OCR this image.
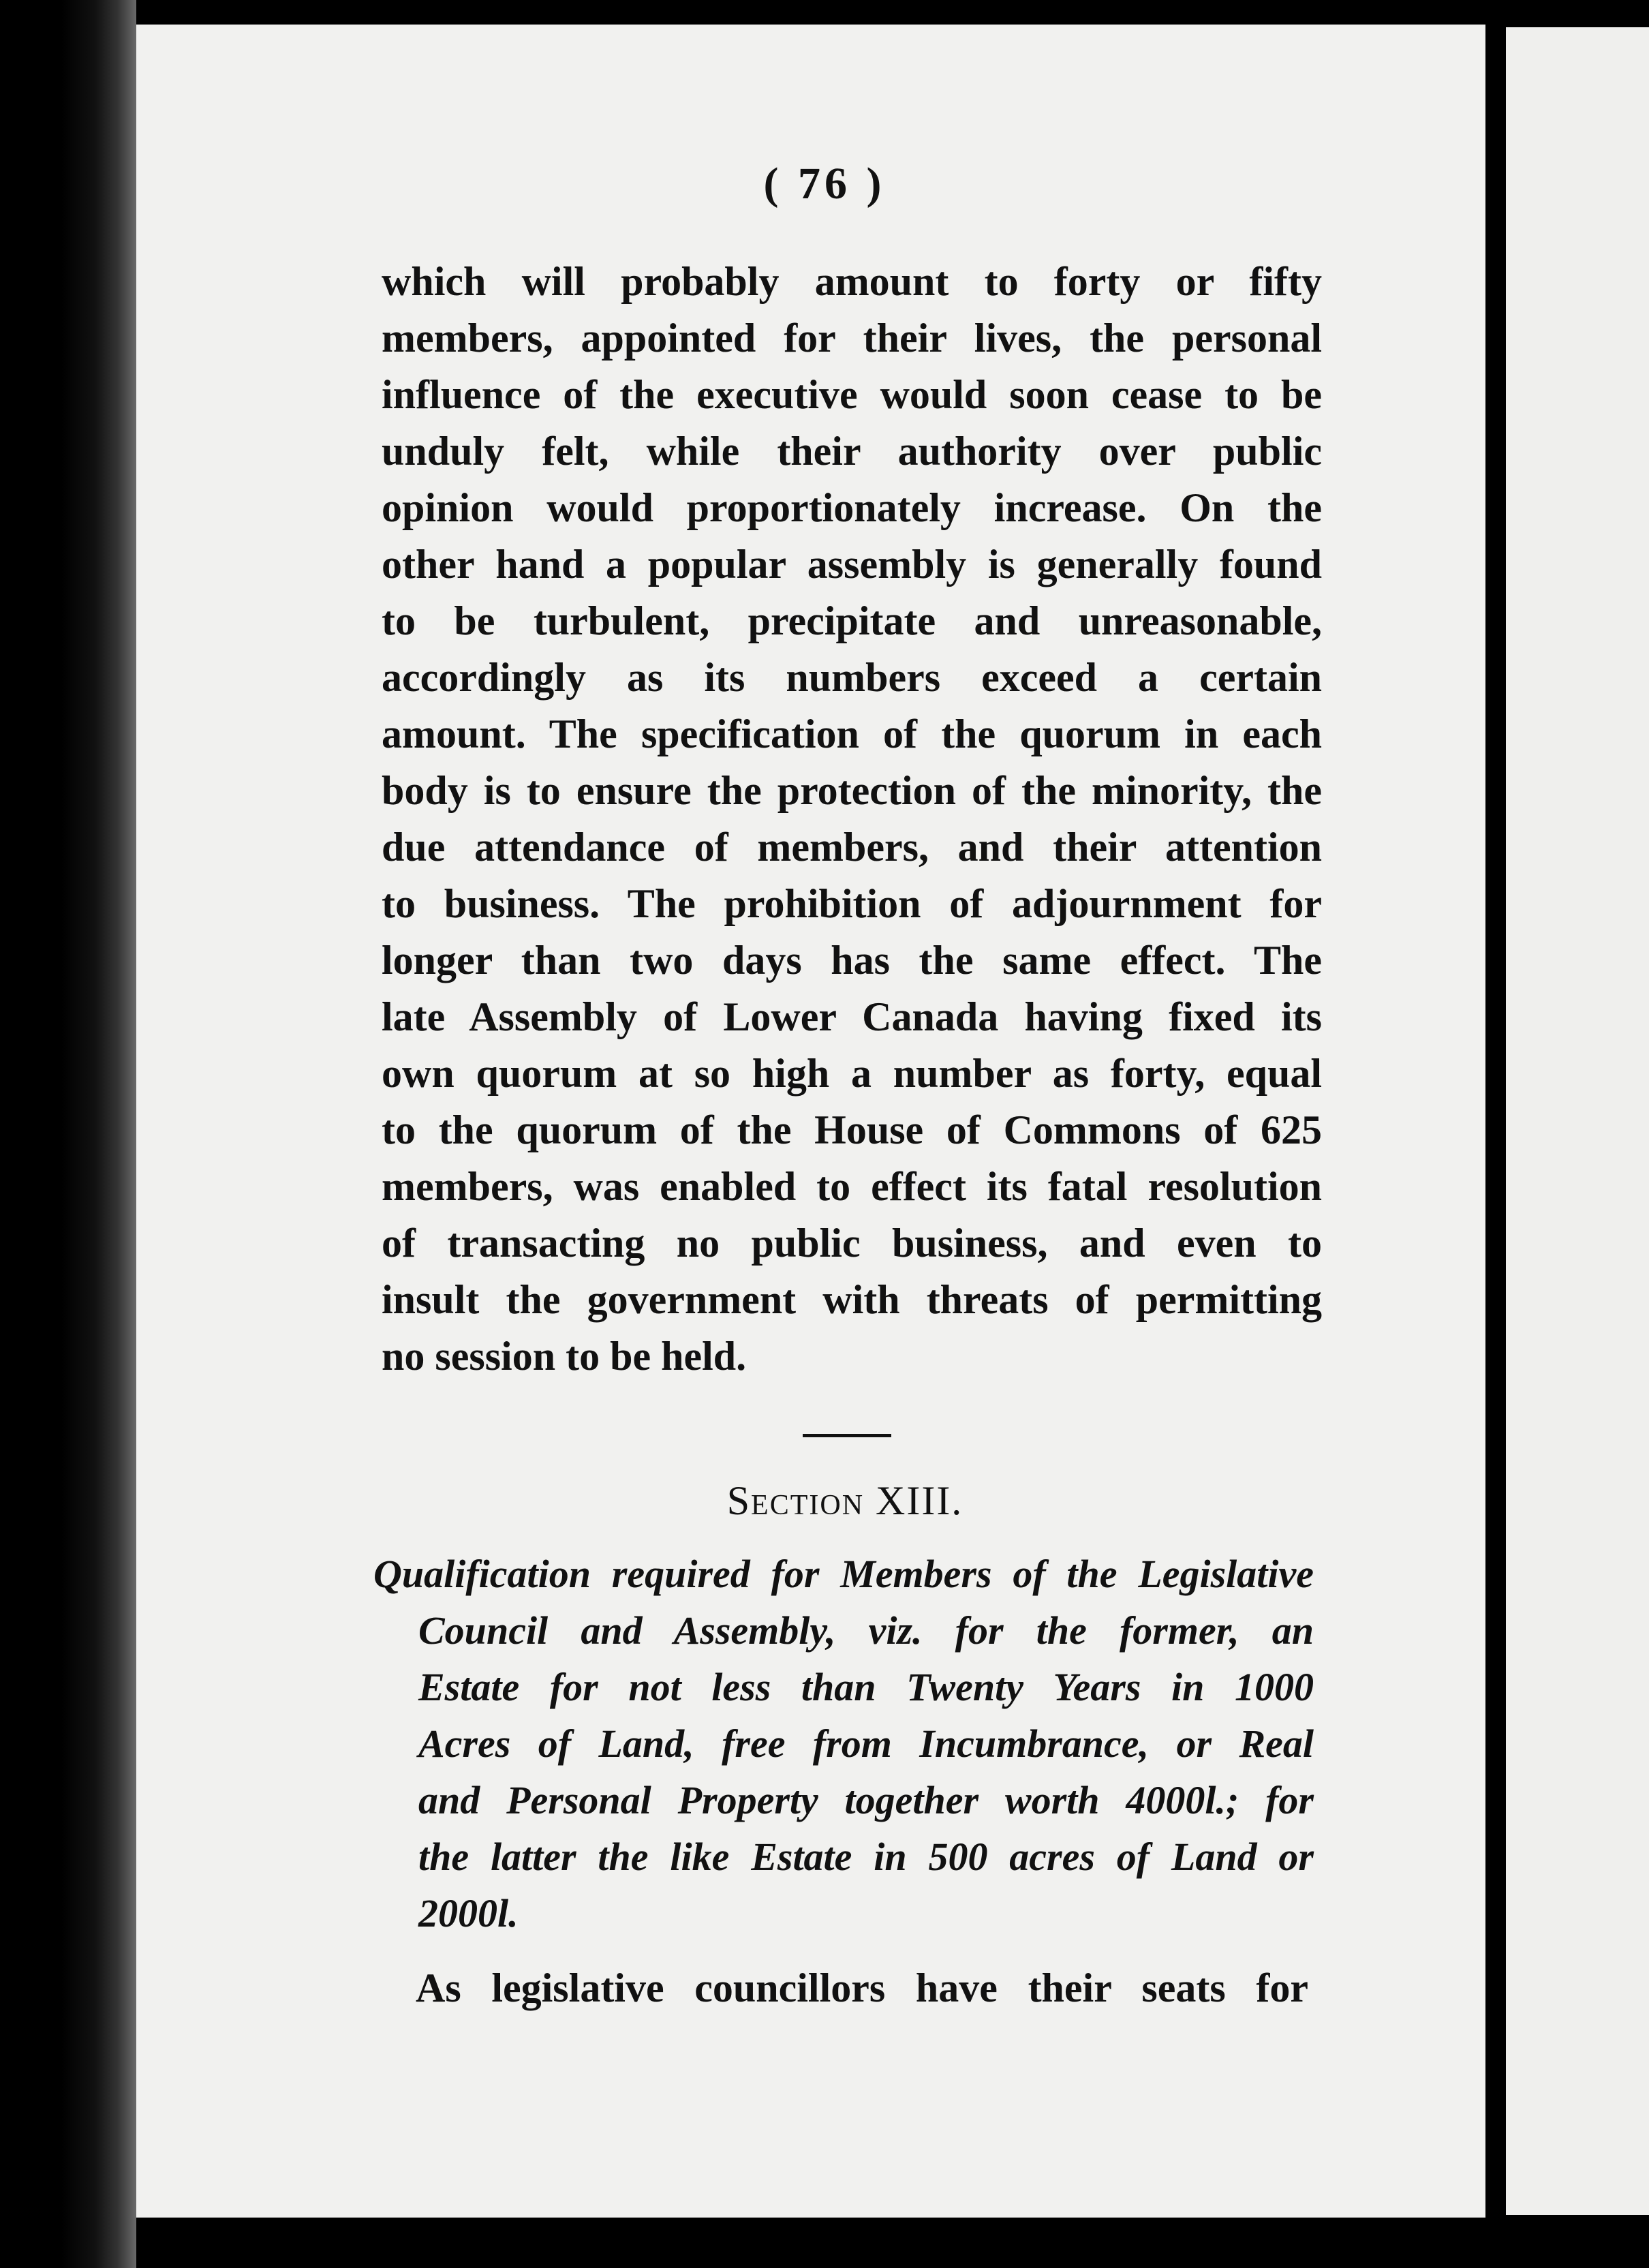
( 76 )
which will probably amount to forty or fifty
members, appointed for their lives, the personal
influence of the executive would soon cease to be
unduly felt, while their authority over public
opinion would proportionately increase. On the
other hand a popular assembly is generally found
to be turbulent, precipitate and unreasonable,
accordingly as its numbers exceed a certain
amount. The specification of the quorum in each
body is to ensure the protection of the minority, the
due attendance of members, and their attention
to business. The prohibition of adjournment for
longer than two days has the same effect. The
late Assembly of Lower Canada having fixed its
own quorum at so high a number as forty, equal
to the quorum of the House of Commons of 625
members, was enabled to effect its fatal resolution
of transacting no public business, and even to
insult the government with threats of permitting
no session to be held.
Section XIII.
Qualification required for Members of the Legislative
Council and Assembly, viz. for the former, an
Estate for not less than Twenty Years in 1000
Acres of Land, free from Incumbrance, or Real
and Personal Property together worth 4000l.; for
the latter the like Estate in 500 acres of Land or
2000l.
As legislative councillors have their seats for
